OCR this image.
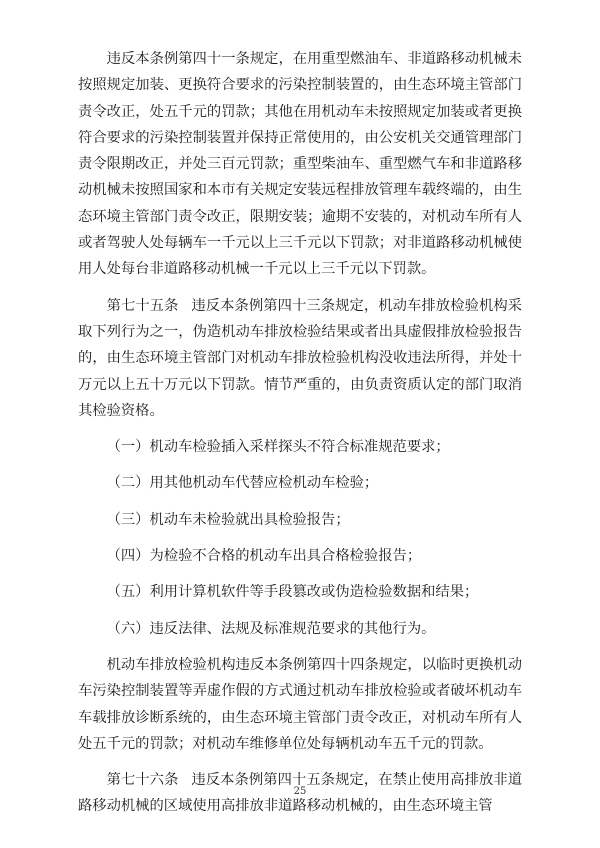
违反本条例第四十一条规定，在用重型燃油车、非道路移动机械未按照规定加装、更换符合要求的污染控制装置的，由生态环境主管部门责令改正，处五千元的罚款；其他在用机动车未按照规定加装或者更换符合要求的污染控制装置并保持正常使用的，由公安机关交通管理部门责令限期改正，并处三百元罚款；重型柴油车、重型燃气车和非道路移动机械未按照国家和本市有关规定安装远程排放管理车载终端的，由生态环境主管部门责令改正，限期安装；逾期不安装的，对机动车所有人或者驾驶人处每辆车一千元以上三千元以下罚款；对非道路移动机械使用人处每台非道路移动机械一千元以上三千元以下罚款。

第七十五条 违反本条例第四十三条规定，机动车排放检验机构采取下列行为之一，伪造机动车排放检验结果或者出具虚假排放检验报告的，由生态环境主管部门对机动车排放检验机构没收违法所得，并处十万元以上五十万元以下罚款。情节严重的，由负责资质认定的部门取消其检验资格。

（一）机动车检验插入采样探头不符合标准规范要求；

（二）用其他机动车代替应检机动车检验；

（三）机动车未检验就出具检验报告；

（四）为检验不合格的机动车出具合格检验报告；

（五）利用计算机软件等手段篡改或伪造检验数据和结果；

（六）违反法律、法规及标准规范要求的其他行为。

机动车排放检验机构违反本条例第四十四条规定，以临时更换机动车污染控制装置等弄虚作假的方式通过机动车排放检验或者破坏机动车车载排放诊断系统的，由生态环境主管部门责令改正，对机动车所有人处五千元的罚款；对机动车维修单位处每辆机动车五千元的罚款。

第七十六条 违反本条例第四十五条规定，在禁止使用高排放非道路移动机械的区域使用高排放非道路移动机械的，由生态环境主管

25
